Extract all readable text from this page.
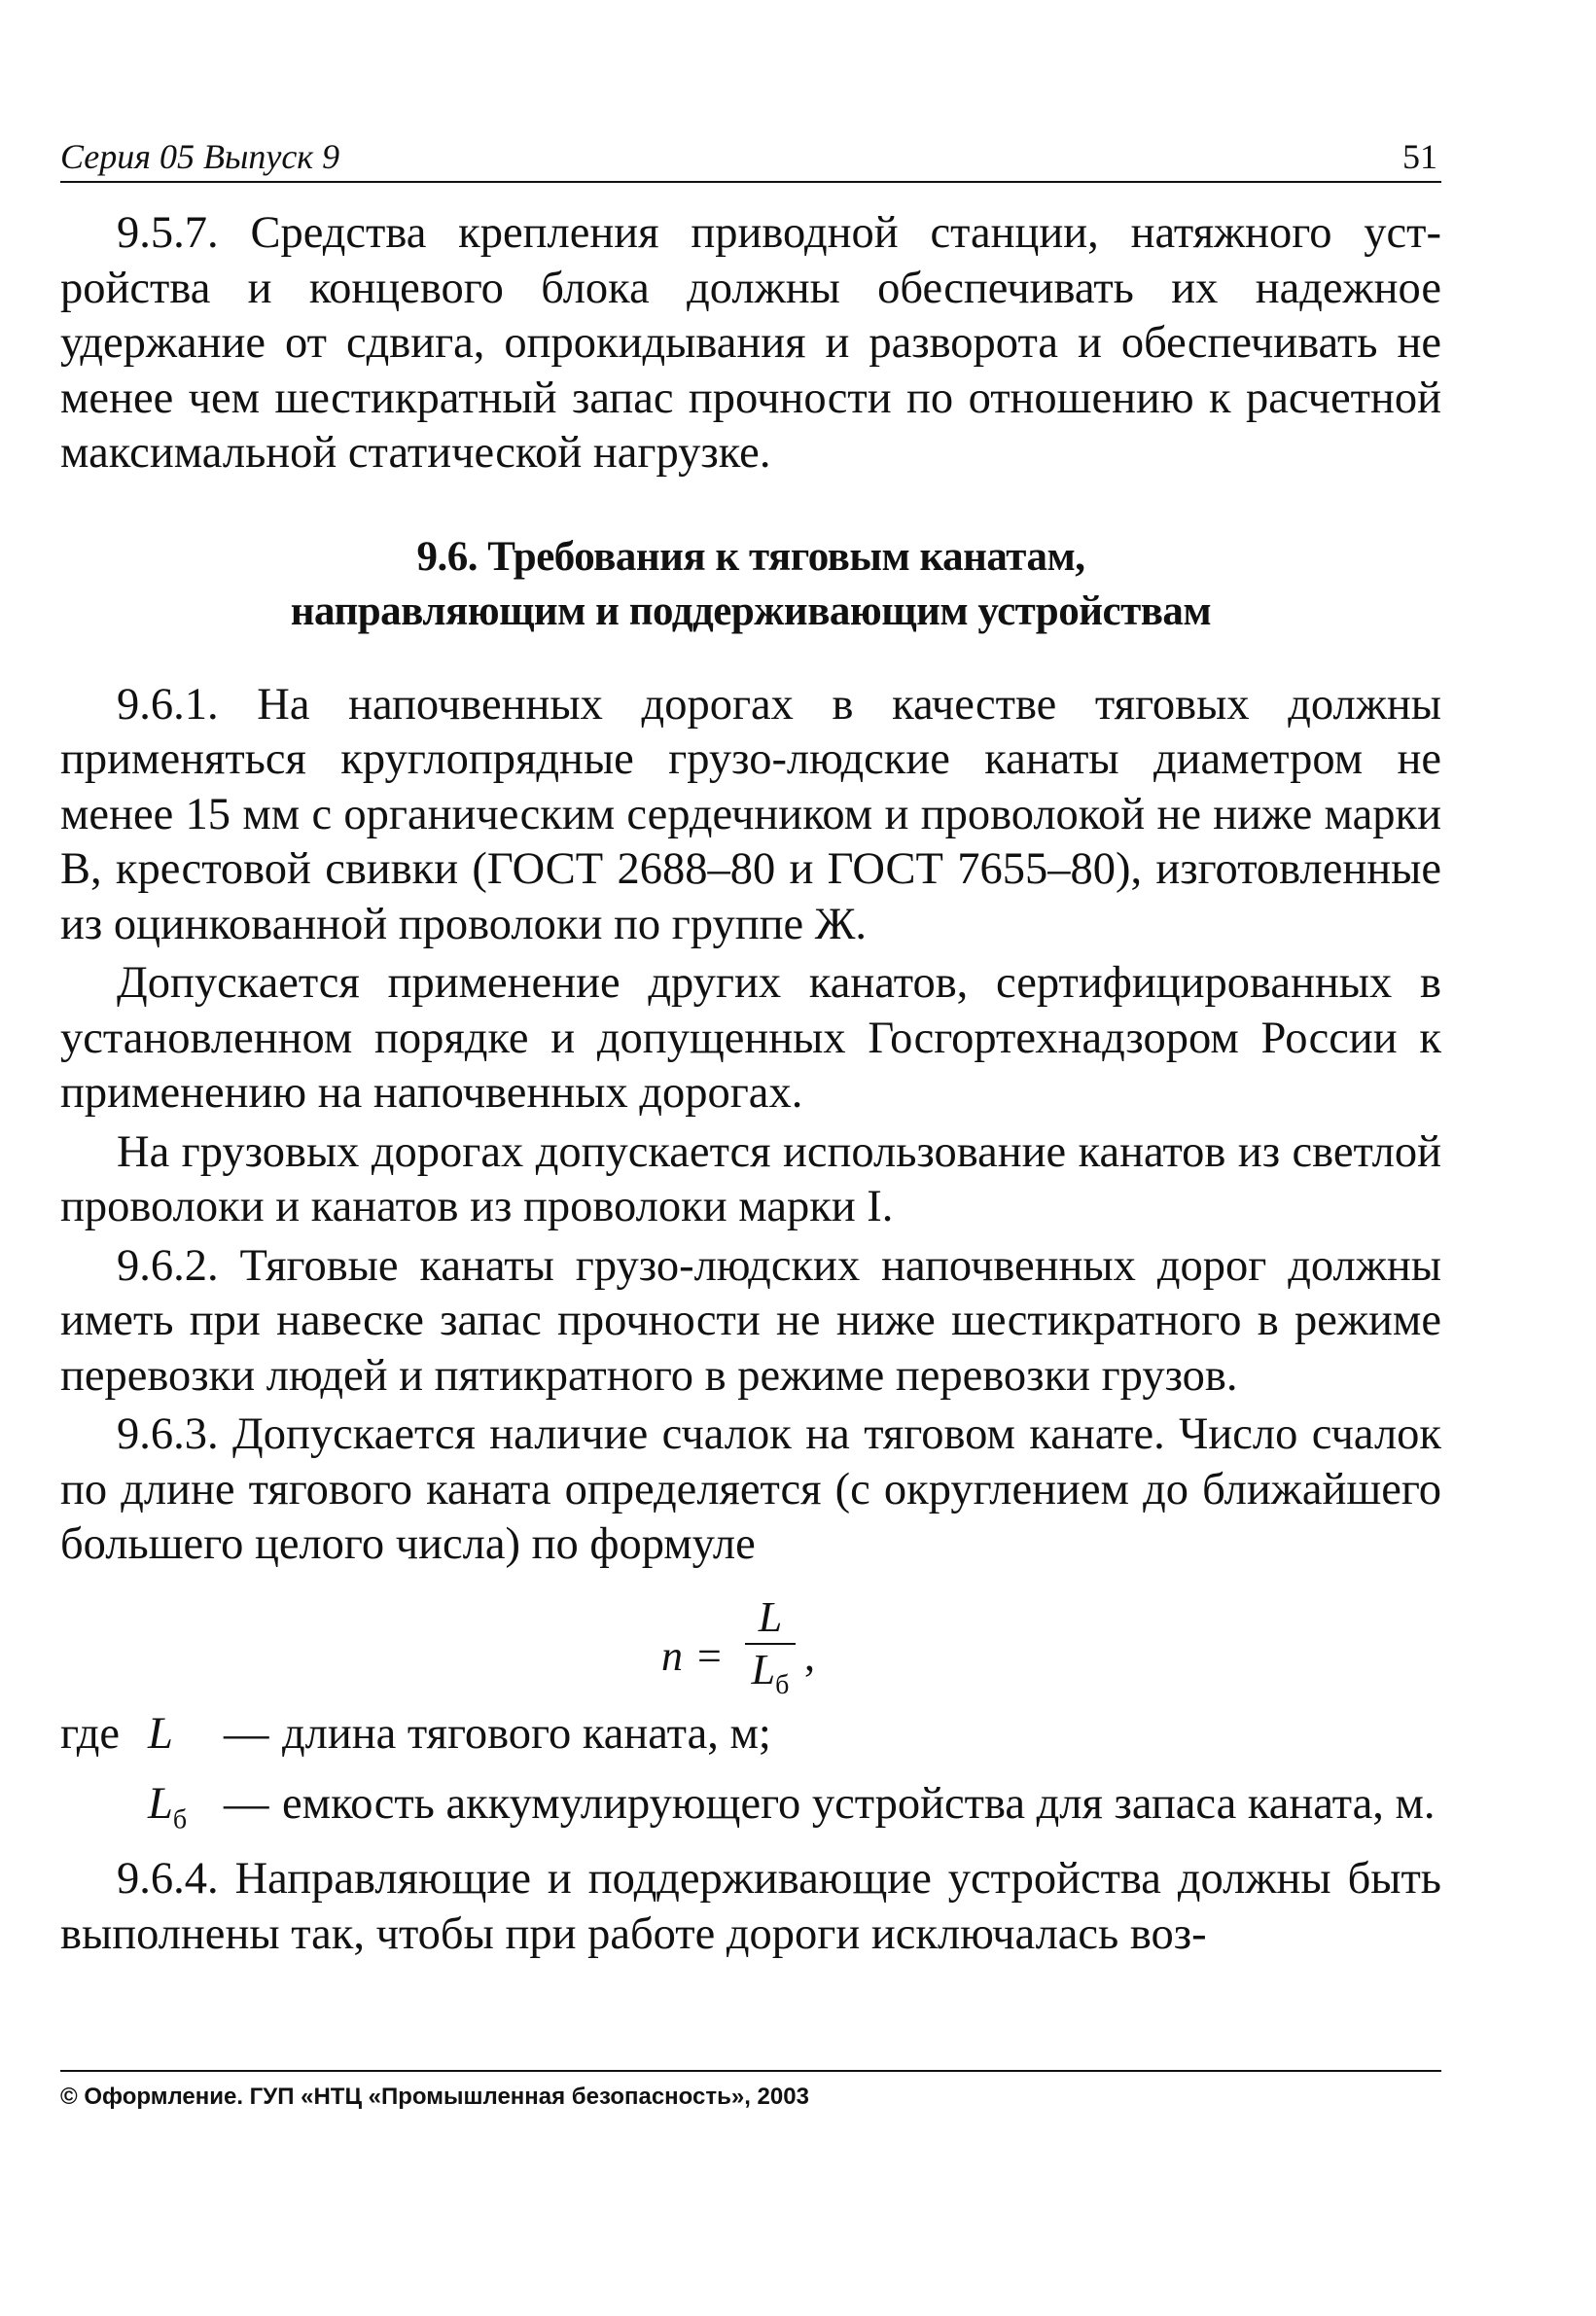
Серия 05 Выпуск 9	51

9.5.7. Средства крепления приводной станции, натяжного устройства и концевого блока должны обеспечивать их надежное удержание от сдвига, опрокидывания и разворота и обеспечивать не менее чем шестикратный запас прочности по отношению к расчетной максимальной статической нагрузке.

9.6. Требования к тяговым канатам,
направляющим и поддерживающим устройствам

9.6.1. На напочвенных дорогах в качестве тяговых должны применяться круглопрядные грузо-людские канаты диаметром не менее 15 мм с органическим сердечником и проволокой не ниже марки В, крестовой свивки (ГОСТ 2688–80 и ГОСТ 7655–80), изготовленные из оцинкованной проволоки по группе Ж.

Допускается применение других канатов, сертифицированных в установленном порядке и допущенных Госгортехнадзором России к применению на напочвенных дорогах.

На грузовых дорогах допускается использование канатов из светлой проволоки и канатов из проволоки марки I.

9.6.2. Тяговые канаты грузо-людских напочвенных дорог должны иметь при навеске запас прочности не ниже шестикратного в режиме перевозки людей и пятикратного в режиме перевозки грузов.

9.6.3. Допускается наличие счалок на тяговом канате. Число счалок по длине тягового каната определяется (с округлением до ближайшего большего целого числа) по формуле

n =
L
$L_б$
,
где L	— длина тягового каната, м;
$L_б$ — емкость аккумулирующего устройства для запаса каната, м.

9.6.4. Направляющие и поддерживающие устройства должны быть выполнены так, чтобы при работе дороги исключалась воз-

© Оформление. ГУП «НТЦ «Промышленная безопасность», 2003
